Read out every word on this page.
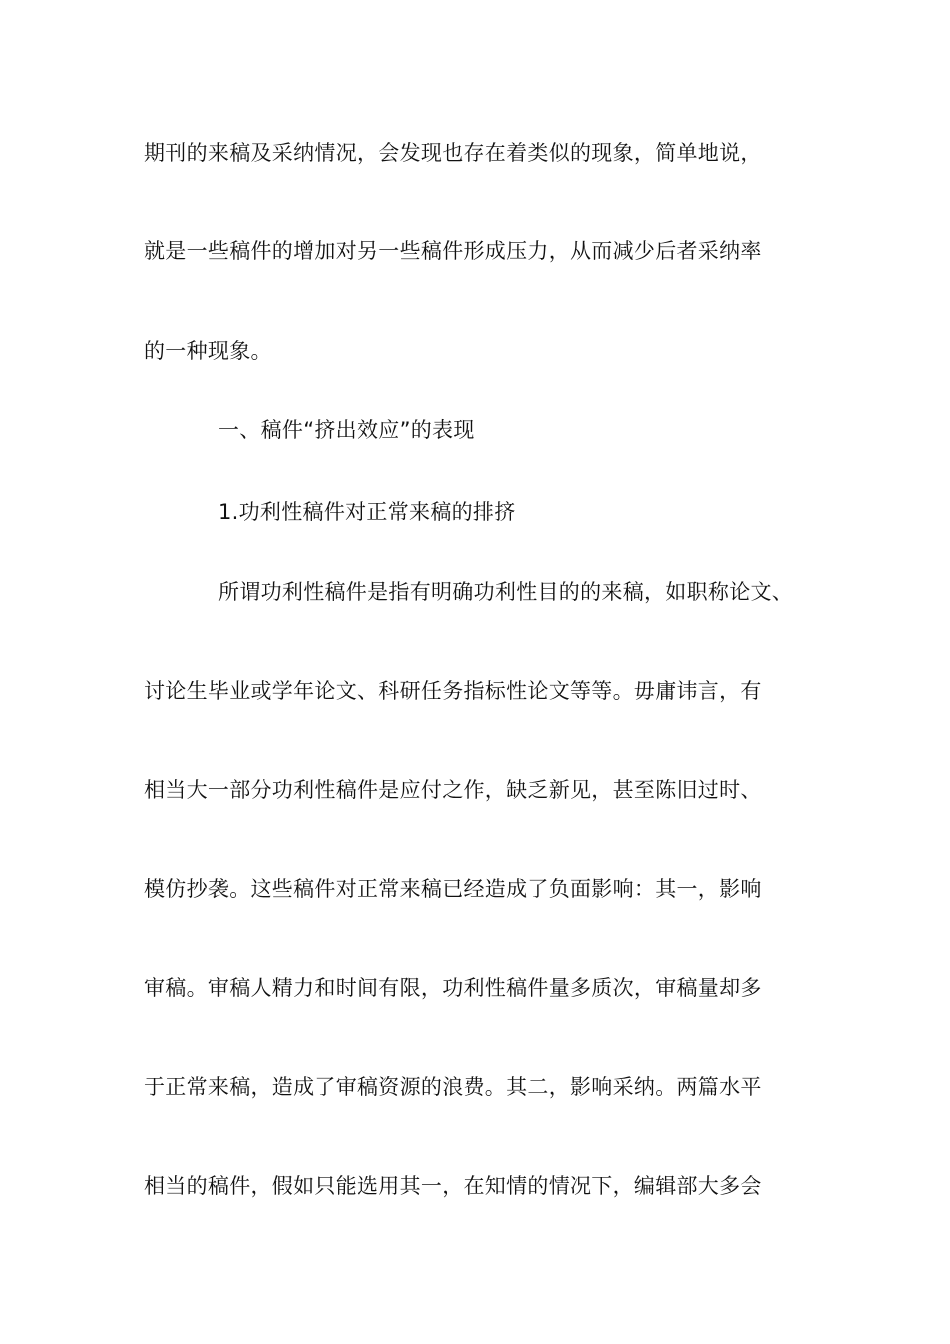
期刊的来稿及采纳情况，会发现也存在着类似的现象，简单地说，
就是一些稿件的增加对另一些稿件形成压力，从而减少后者采纳率
的一种现象。
一、稿件“挤出效应”的表现
1.功利性稿件对正常来稿的排挤
所谓功利性稿件是指有明确功利性目的的来稿，如职称论文、
讨论生毕业或学年论文、科研任务指标性论文等等。毋庸讳言，有
相当大一部分功利性稿件是应付之作，缺乏新见，甚至陈旧过时、
模仿抄袭。这些稿件对正常来稿已经造成了负面影响：其一，影响
审稿。审稿人精力和时间有限，功利性稿件量多质次，审稿量却多
于正常来稿，造成了审稿资源的浪费。其二，影响采纳。两篇水平
相当的稿件，假如只能选用其一，在知情的情况下，编辑部大多会
